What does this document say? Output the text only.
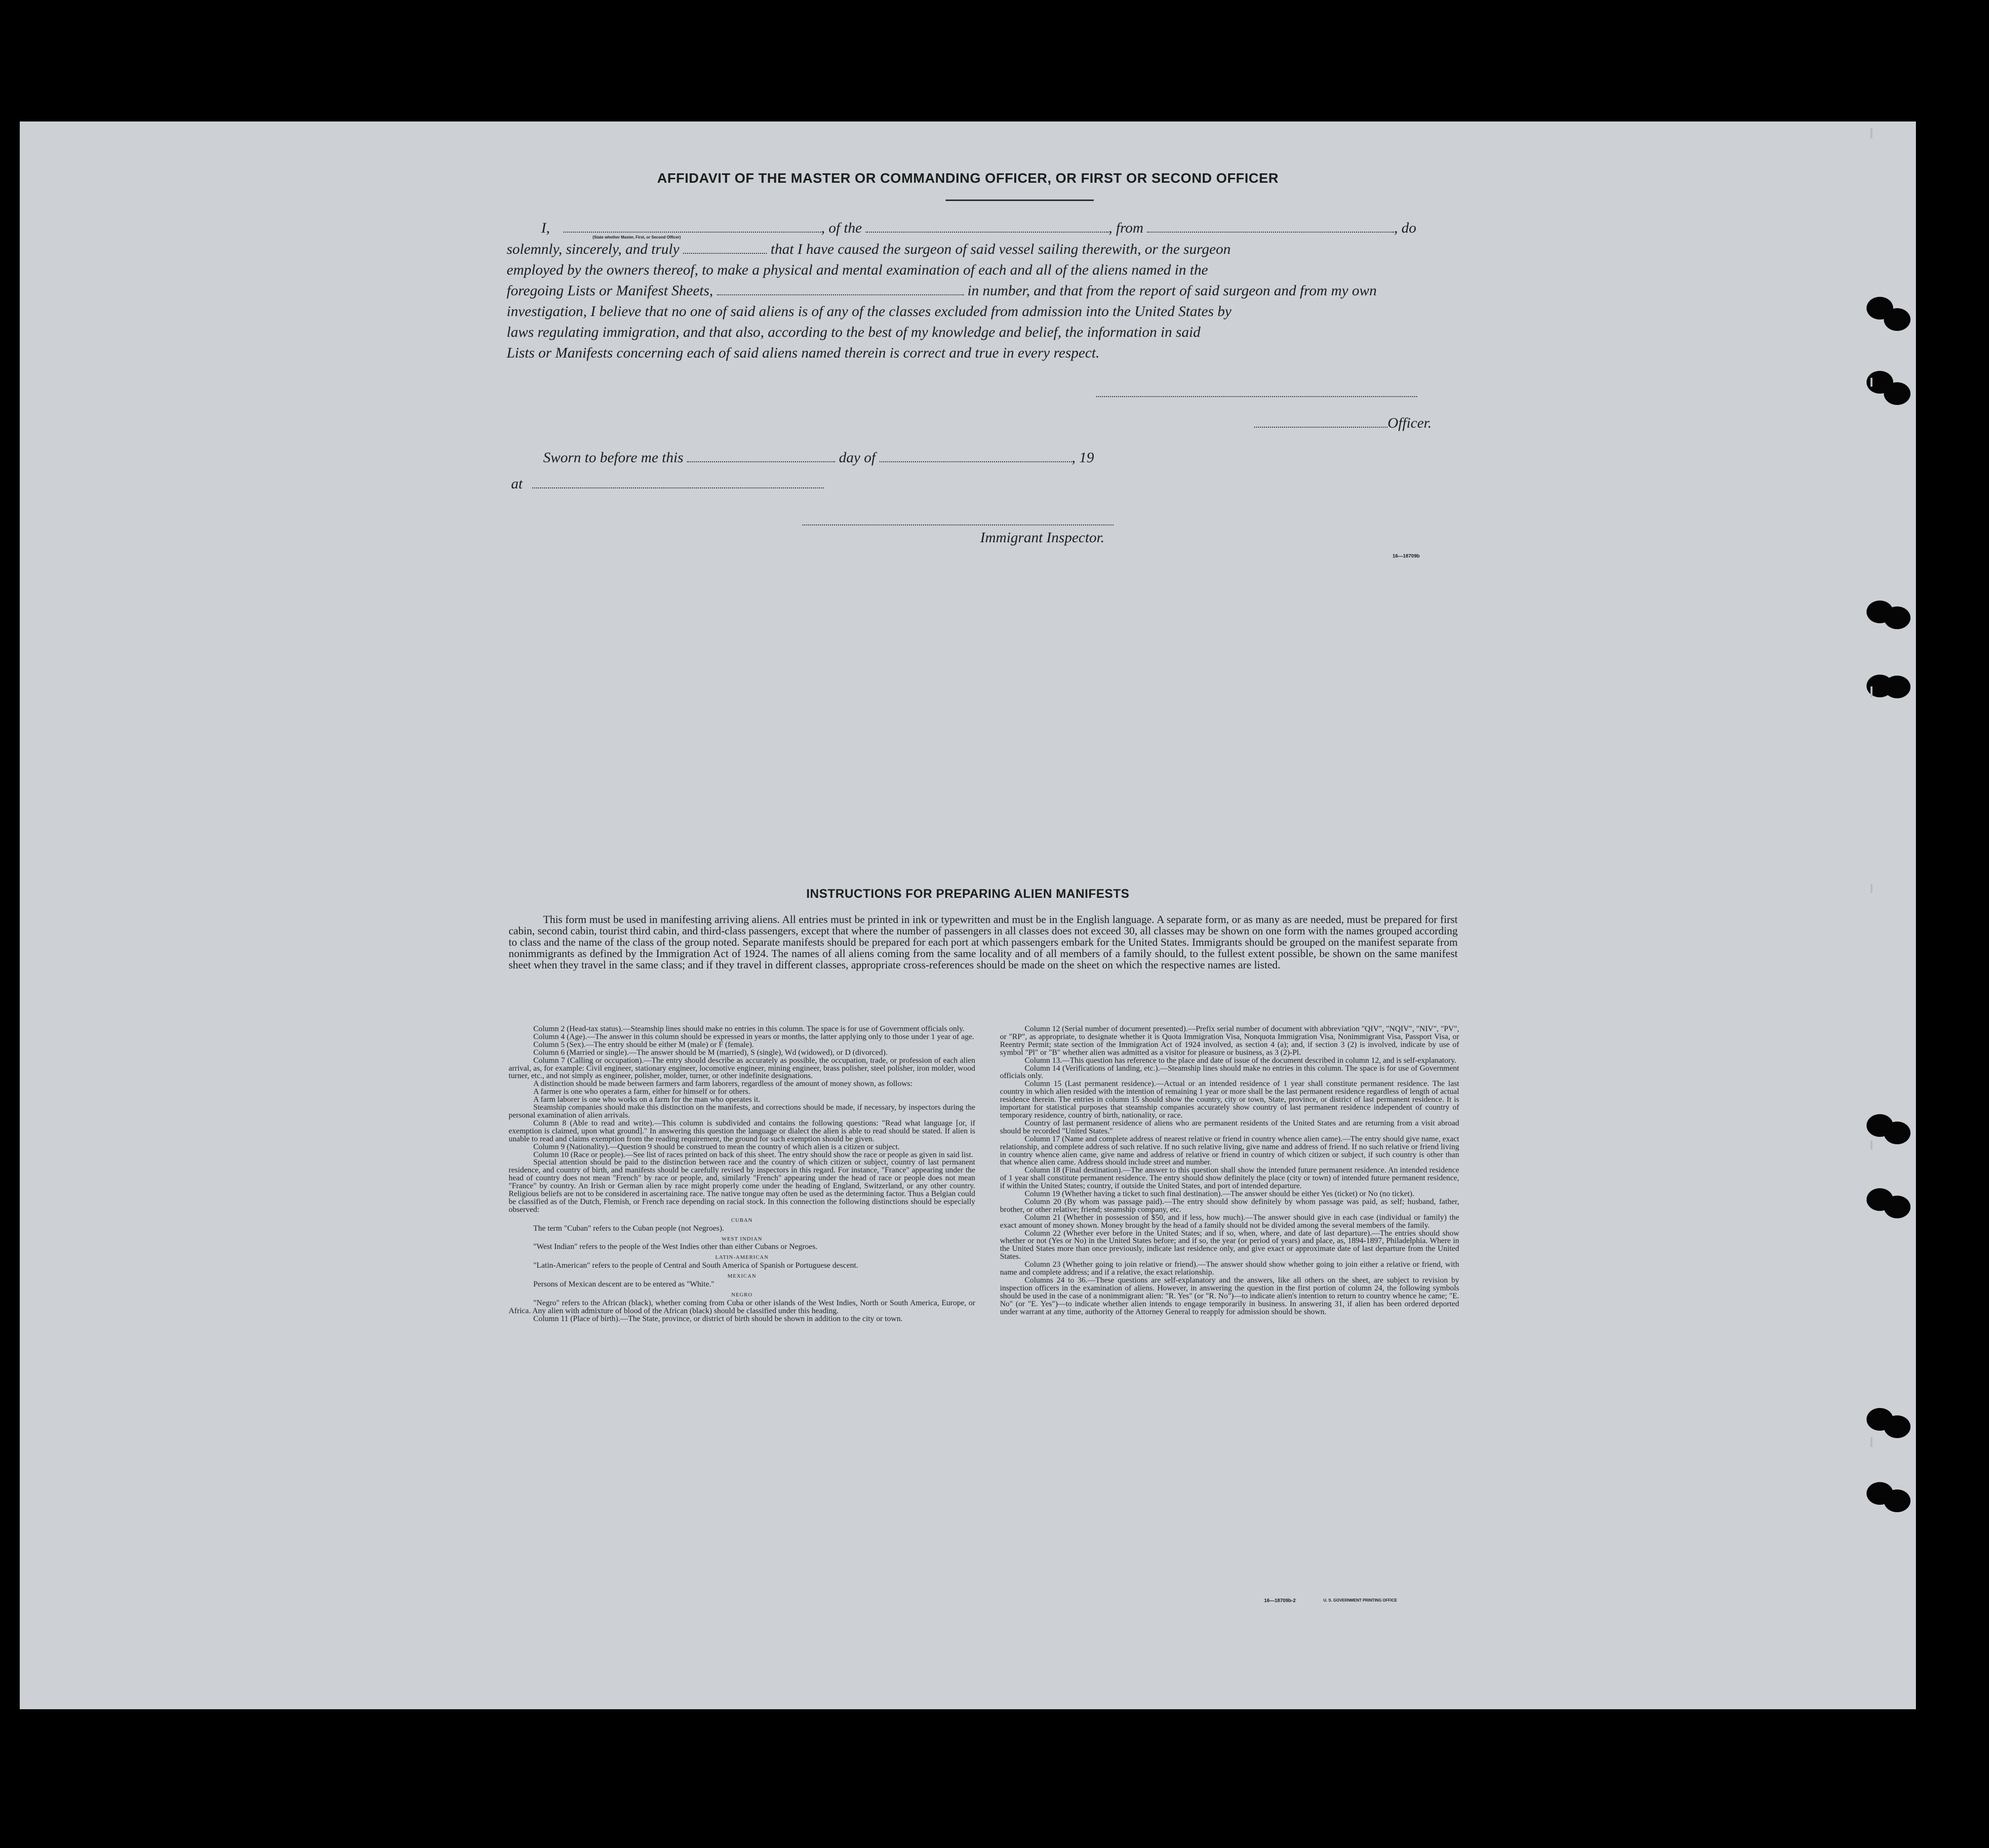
AFFIDAVIT OF THE MASTER OR COMMANDING OFFICER, OR FIRST OR SECOND OFFICER
I,	, of the	, from	, do
(State whether Master, First, or Second Officer)
solemnly, sincerely, and truly	that I have caused the surgeon of said vessel sailing therewith, or the surgeon
employed by the owners thereof, to make a physical and mental examination of each and all of the aliens named in the
foregoing Lists or Manifest Sheets,	in number, and that from the report of said surgeon and from my own
investigation, I believe that no one of said aliens is of any of the classes excluded from admission into the United States by
laws regulating immigration, and that also, according to the best of my knowledge and belief, the information in said
Lists or Manifests concerning each of said aliens named therein is correct and true in every respect.
Officer.
Sworn to before me this	day of	, 19
at
Immigrant Inspector.
16—18709b
INSTRUCTIONS FOR PREPARING ALIEN MANIFESTS
This form must be used in manifesting arriving aliens. All entries must be printed in ink or typewritten and must be in the English language. A separate form, or as many as are needed, must be prepared for first cabin, second cabin, tourist third cabin, and third-class passengers, except that where the number of passengers in all classes does not exceed 30, all classes may be shown on one form with the names grouped according to class and the name of the class of the group noted. Separate manifests should be prepared for each port at which passengers embark for the United States. Immigrants should be grouped on the manifest separate from nonimmigrants as defined by the Immigration Act of 1924. The names of all aliens coming from the same locality and of all members of a family should, to the fullest extent possible, be shown on the same manifest sheet when they travel in the same class; and if they travel in different classes, appropriate cross-references should be made on the sheet on which the respective names are listed.

Column 2 (Head-tax status).—Steamship lines should make no entries in this column. The space is for use of Government officials only.

Column 4 (Age).—The answer in this column should be expressed in years or months, the latter applying only to those under 1 year of age.

Column 5 (Sex).—The entry should be either M (male) or F (female).

Column 6 (Married or single).—The answer should be M (married), S (single), Wd (widowed), or D (divorced).

Column 7 (Calling or occupation).—The entry should describe as accurately as possible, the occupation, trade, or profession of each alien arrival, as, for example: Civil engineer, stationary engineer, locomotive engineer, mining engineer, brass polisher, steel polisher, iron molder, wood turner, etc., and not simply as engineer, polisher, molder, turner, or other indefinite designations.

A distinction should be made between farmers and farm laborers, regardless of the amount of money shown, as follows:

A farmer is one who operates a farm, either for himself or for others.

A farm laborer is one who works on a farm for the man who operates it.

Steamship companies should make this distinction on the manifests, and corrections should be made, if necessary, by inspectors during the personal examination of alien arrivals.

Column 8 (Able to read and write).—This column is subdivided and contains the following questions: "Read what language [or, if exemption is claimed, upon what ground]." In answering this question the language or dialect the alien is able to read should be stated. If alien is unable to read and claims exemption from the reading requirement, the ground for such exemption should be given.

Column 9 (Nationality).—Question 9 should be construed to mean the country of which alien is a citizen or subject.

Column 10 (Race or people).—See list of races printed on back of this sheet. The entry should show the race or people as given in said list.

Special attention should be paid to the distinction between race and the country of which citizen or subject, country of last permanent residence, and country of birth, and manifests should be carefully revised by inspectors in this regard. For instance, "France" appearing under the head of country does not mean "French" by race or people, and, similarly "French" appearing under the head of race or people does not mean "France" by country. An Irish or German alien by race might properly come under the heading of England, Switzerland, or any other country. Religious beliefs are not to be considered in ascertaining race. The native tongue may often be used as the determining factor. Thus a Belgian could be classified as of the Dutch, Flemish, or French race depending on racial stock. In this connection the following distinctions should be especially observed:

CUBAN

The term "Cuban" refers to the Cuban people (not Negroes).

WEST INDIAN

"West Indian" refers to the people of the West Indies other than either Cubans or Negroes.

LATIN-AMERICAN

"Latin-American" refers to the people of Central and South America of Spanish or Portuguese descent.

MEXICAN

Persons of Mexican descent are to be entered as "White."

NEGRO

"Negro" refers to the African (black), whether coming from Cuba or other islands of the West Indies, North or South America, Europe, or Africa. Any alien with admixture of blood of the African (black) should be classified under this heading.

Column 11 (Place of birth).—The State, province, or district of birth should be shown in addition to the city or town.

Column 12 (Serial number of document presented).—Prefix serial number of document with abbreviation "QIV", "NQIV", "NIV", "PV", or "RP", as appropriate, to designate whether it is Quota Immigration Visa, Nonquota Immigration Visa, Nonimmigrant Visa, Passport Visa, or Reentry Permit; state section of the Immigration Act of 1924 involved, as section 4 (a); and, if section 3 (2) is involved, indicate by use of symbol "Pl" or "B" whether alien was admitted as a visitor for pleasure or business, as 3 (2)-Pl.

Column 13.—This question has reference to the place and date of issue of the document described in column 12, and is self-explanatory.

Column 14 (Verifications of landing, etc.).—Steamship lines should make no entries in this column. The space is for use of Government officials only.

Column 15 (Last permanent residence).—Actual or an intended residence of 1 year shall constitute permanent residence. The last country in which alien resided with the intention of remaining 1 year or more shall be the last permanent residence regardless of length of actual residence therein. The entries in column 15 should show the country, city or town, State, province, or district of last permanent residence. It is important for statistical purposes that steamship companies accurately show country of last permanent residence independent of country of temporary residence, country of birth, nationality, or race.

Country of last permanent residence of aliens who are permanent residents of the United States and are returning from a visit abroad should be recorded "United States."

Column 17 (Name and complete address of nearest relative or friend in country whence alien came).—The entry should give name, exact relationship, and complete address of such relative. If no such relative living, give name and address of friend. If no such relative or friend living in country whence alien came, give name and address of relative or friend in country of which citizen or subject, if such country is other than that whence alien came. Address should include street and number.

Column 18 (Final destination).—The answer to this question shall show the intended future permanent residence. An intended residence of 1 year shall constitute permanent residence. The entry should show definitely the place (city or town) of intended future permanent residence, if within the United States; country, if outside the United States, and port of intended departure.

Column 19 (Whether having a ticket to such final destination).—The answer should be either Yes (ticket) or No (no ticket).

Column 20 (By whom was passage paid).—The entry should show definitely by whom passage was paid, as self; husband, father, brother, or other relative; friend; steamship company, etc.

Column 21 (Whether in possession of $50, and if less, how much).—The answer should give in each case (individual or family) the exact amount of money shown. Money brought by the head of a family should not be divided among the several members of the family.

Column 22 (Whether ever before in the United States; and if so, when, where, and date of last departure).—The entries should show whether or not (Yes or No) in the United States before; and if so, the year (or period of years) and place, as, 1894-1897, Philadelphia. Where in the United States more than once previously, indicate last residence only, and give exact or approximate date of last departure from the United States.

Column 23 (Whether going to join relative or friend).—The answer should show whether going to join either a relative or friend, with name and complete address; and if a relative, the exact relationship.

Columns 24 to 36.—These questions are self-explanatory and the answers, like all others on the sheet, are subject to revision by inspection officers in the examination of aliens. However, in answering the question in the first portion of column 24, the following symbols should be used in the case of a nonimmigrant alien: "R. Yes" (or "R. No")—to indicate alien's intention to return to country whence he came; "E. No" (or "E. Yes")—to indicate whether alien intends to engage temporarily in business. In answering 31, if alien has been ordered deported under warrant at any time, authority of the Attorney General to reapply for admission should be shown.

16—18709b-2	U. S. GOVERNMENT PRINTING OFFICE
